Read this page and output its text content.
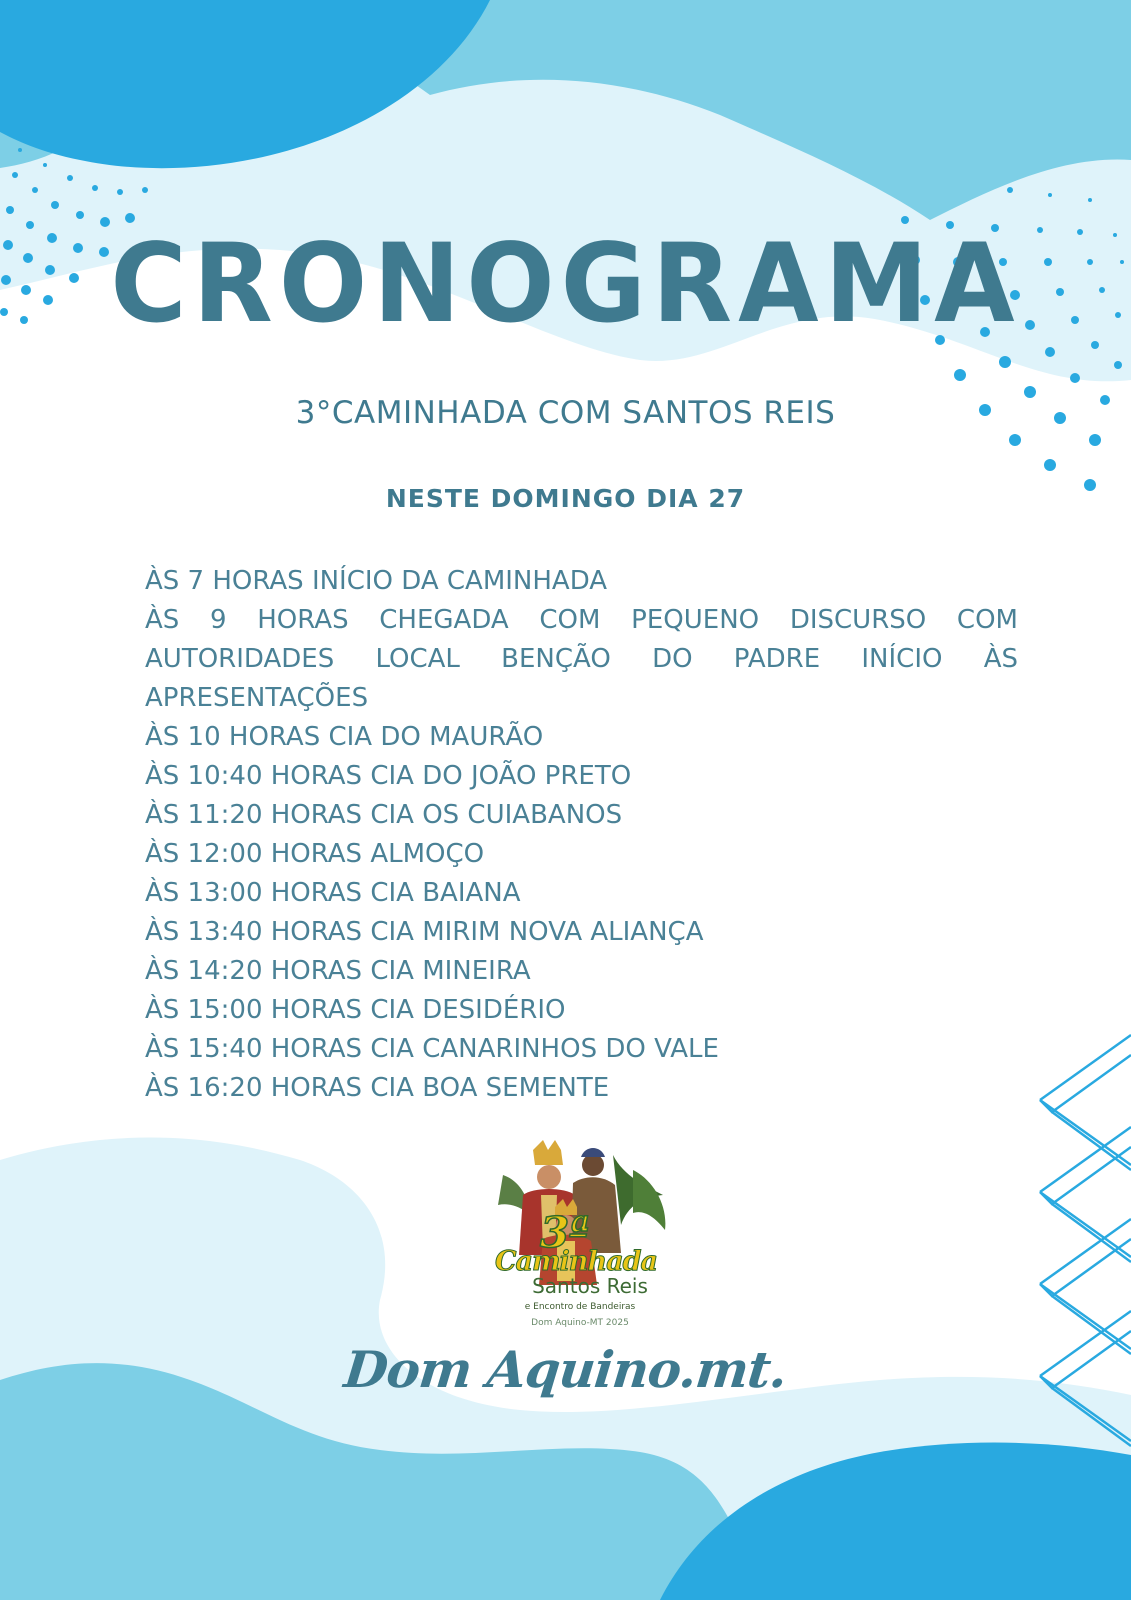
CRONOGRAMA
3°CAMINHADA COM SANTOS REIS
NESTE DOMINGO DIA 27
ÀS 7 HORAS INÍCIO DA CAMINHADA
ÀS 9 HORAS CHEGADA COM PEQUENO DISCURSO COM AUTORIDADES LOCAL BENÇÃO DO PADRE INÍCIO ÀS APRESENTAÇÕES
ÀS 10 HORAS CIA DO MAURÃO
ÀS 10:40 HORAS CIA DO JOÃO PRETO
ÀS 11:20 HORAS CIA OS CUIABANOS
ÀS 12:00 HORAS ALMOÇO
ÀS 13:00 HORAS CIA BAIANA
ÀS 13:40 HORAS CIA MIRIM NOVA ALIANÇA
ÀS 14:20 HORAS CIA MINEIRA
ÀS 15:00 HORAS CIA DESIDÉRIO
ÀS 15:40 HORAS CIA CANARINHOS DO VALE
ÀS 16:20 HORAS CIA BOA SEMENTE
3ª
Caminhada
Santos Reis
e Encontro de Bandeiras
Dom Aquino-MT 2025
Dom Aquino.mt.
